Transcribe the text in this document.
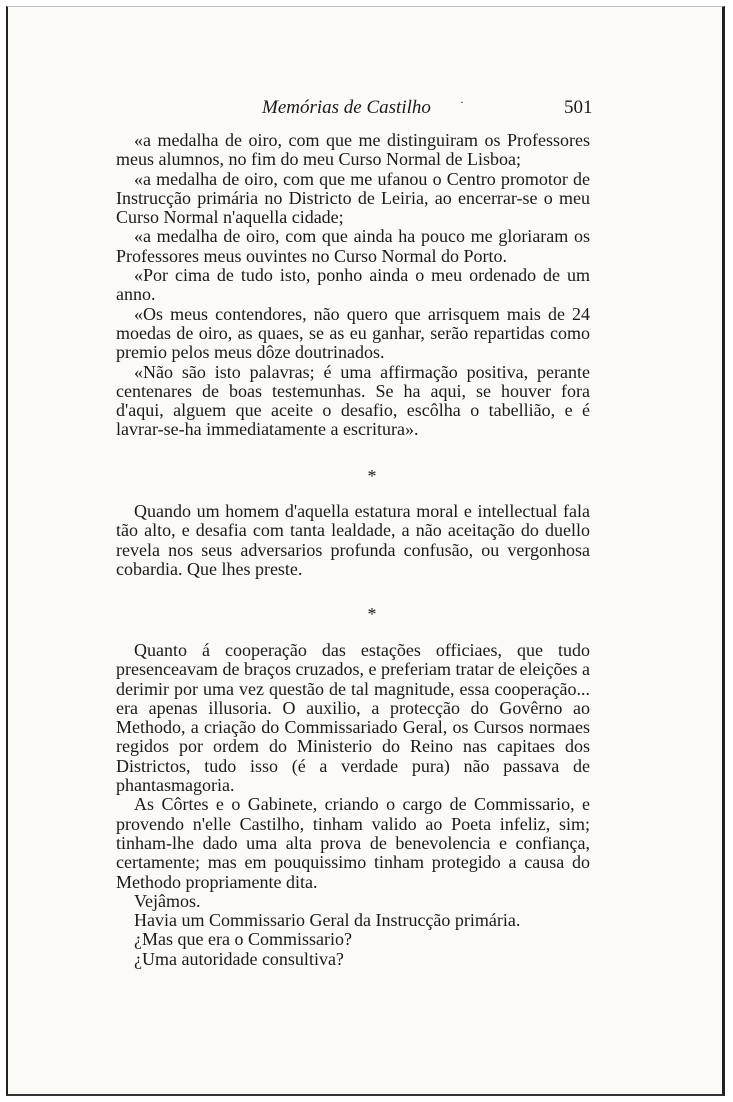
Memórias de Castilho ·	501

«a medalha de oiro, com que me distinguiram os Professores meus alumnos, no fim do meu Curso Normal de Lisboa;

«a medalha de oiro, com que me ufanou o Centro promotor de Instrucção primária no Districto de Leiria, ao encerrar-se o meu Curso Normal n'aquella cidade;

«a medalha de oiro, com que ainda ha pouco me gloriaram os Professores meus ouvintes no Curso Normal do Porto.

«Por cima de tudo isto, ponho ainda o meu ordenado de um anno.

«Os meus contendores, não quero que arrisquem mais de 24 moedas de oiro, as quaes, se as eu ganhar, serão repartidas como premio pelos meus dôze doutrinados.

«Não são isto palavras; é uma affirmação positiva, perante centenares de boas testemunhas. Se ha aqui, se houver fora d'aqui, alguem que aceite o desafio, escôlha o tabellião, e é lavrar-se-ha immediatamente a escritura».

*

Quando um homem d'aquella estatura moral e intellectual fala tão alto, e desafia com tanta lealdade, a não aceitação do duello revela nos seus adversarios profunda confusão, ou vergonhosa cobardia. Que lhes preste.

*

Quanto á cooperação das estações officiaes, que tudo presenceavam de braços cruzados, e preferiam tratar de eleições a derimir por uma vez questão de tal magnitude, essa cooperação... era apenas illusoria. O auxilio, a protecção do Govêrno ao Methodo, a criação do Commissariado Geral, os Cursos normaes regidos por ordem do Ministerio do Reino nas capitaes dos Districtos, tudo isso (é a verdade pura) não passava de phantasmagoria.

As Côrtes e o Gabinete, criando o cargo de Commissario, e provendo n'elle Castilho, tinham valido ao Poeta infeliz, sim; tinham-lhe dado uma alta prova de benevolencia e confiança, certamente; mas em pouquissimo tinham protegido a causa do Methodo propriamente dita.

Vejâmos.

Havia um Commissario Geral da Instrucção primária.

¿Mas que era o Commissario?

¿Uma autoridade consultiva?
